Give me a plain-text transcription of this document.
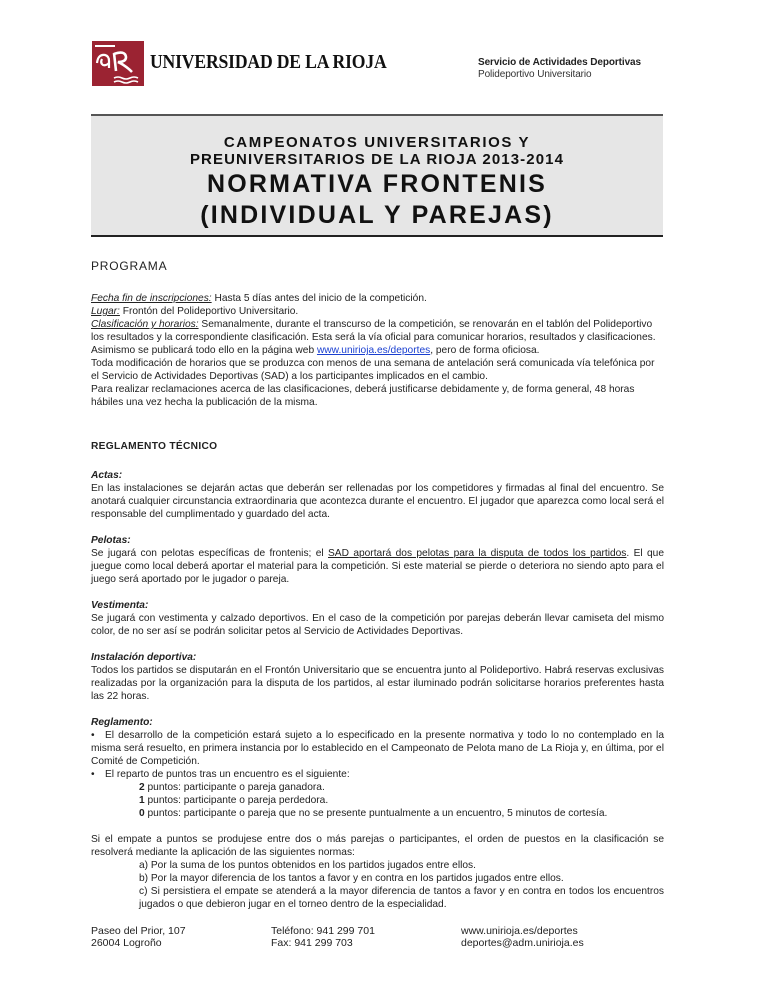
UNIVERSIDAD DE LA RIOJA	Servicio de Actividades Deportivas
Polideportivo Universitario
CAMPEONATOS UNIVERSITARIOS Y
PREUNIVERSITARIOS DE LA RIOJA 2013-2014
NORMATIVA FRONTENIS
(INDIVIDUAL Y PAREJAS)
PROGRAMA

Fecha fin de inscripciones: Hasta 5 días antes del inicio de la competición.

Lugar: Frontón del Polideportivo Universitario.

Clasificación y horarios: Semanalmente, durante el transcurso de la competición, se renovarán en el tablón del Polideportivo los resultados y la correspondiente clasificación. Esta será la vía oficial para comunicar horarios, resultados y clasificaciones.

Asimismo se publicará todo ello en la página web www.unirioja.es/deportes, pero de forma oficiosa.

Toda modificación de horarios que se produzca con menos de una semana de antelación será comunicada vía telefónica por el Servicio de Actividades Deportivas (SAD) a los participantes implicados en el cambio.

Para realizar reclamaciones acerca de las clasificaciones, deberá justificarse debidamente y, de forma general, 48 horas hábiles una vez hecha la publicación de la misma.

REGLAMENTO TÉCNICO
Actas:

En las instalaciones se dejarán actas que deberán ser rellenadas por los competidores y firmadas al final del encuentro. Se anotará cualquier circunstancia extraordinaria que acontezca durante el encuentro. El jugador que aparezca como local será el responsable del cumplimentado y guardado del acta.

Pelotas:

Se jugará con pelotas específicas de frontenis; el SAD aportará dos pelotas para la disputa de todos los partidos. El que juegue como local deberá aportar el material para la competición. Si este material se pierde o deteriora no siendo apto para el juego será aportado por le jugador o pareja.

Vestimenta:

Se jugará con vestimenta y calzado deportivos. En el caso de la competición por parejas deberán llevar camiseta del mismo color, de no ser así se podrán solicitar petos al Servicio de Actividades Deportivas.

Instalación deportiva:

Todos los partidos se disputarán en el Frontón Universitario que se encuentra junto al Polideportivo. Habrá reservas exclusivas realizadas por la organización para la disputa de los partidos, al estar iluminado podrán solicitarse horarios preferentes hasta las 22 horas.

Reglamento:

• El desarrollo de la competición estará sujeto a lo especificado en la presente normativa y todo lo no contemplado en la misma será resuelto, en primera instancia por lo establecido en el Campeonato de Pelota mano de La Rioja y, en última, por el Comité de Competición.

• El reparto de puntos tras un encuentro es el siguiente:

2 puntos: participante o pareja ganadora.

1 puntos: participante o pareja perdedora.

0 puntos: participante o pareja que no se presente puntualmente a un encuentro, 5 minutos de cortesía.

Si el empate a puntos se produjese entre dos o más parejas o participantes, el orden de puestos en la clasificación se resolverá mediante la aplicación de las siguientes normas:

a) Por la suma de los puntos obtenidos en los partidos jugados entre ellos.

b) Por la mayor diferencia de los tantos a favor y en contra en los partidos jugados entre ellos.

c) Si persistiera el empate se atenderá a la mayor diferencia de tantos a favor y en contra en todos los encuentros jugados o que debieron jugar en el torneo dentro de la especialidad.

Paseo del Prior, 107
26004 Logroño
Teléfono: 941 299 701
Fax: 941 299 703
www.unirioja.es/deportes
deportes@adm.unirioja.es
